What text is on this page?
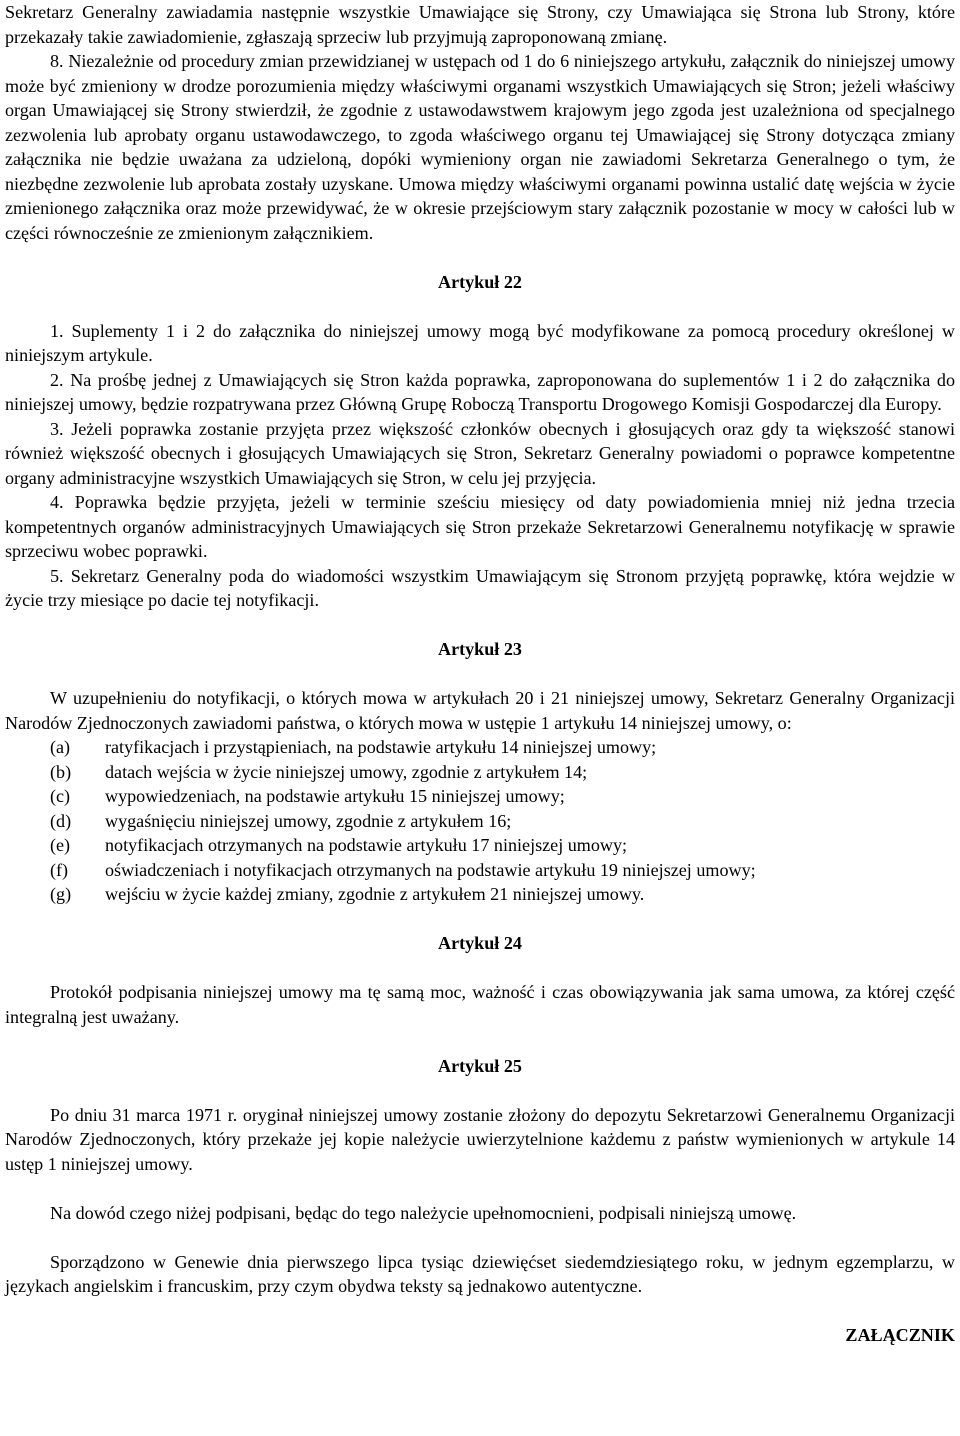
Sekretarz Generalny zawiadamia następnie wszystkie Umawiające się Strony, czy Umawiająca się Strona lub Strony, które przekazały takie zawiadomienie, zgłaszają sprzeciw lub przyjmują zaproponowaną zmianę.

8. Niezależnie od procedury zmian przewidzianej w ustępach od 1 do 6 niniejszego artykułu, załącznik do niniejszej umowy może być zmieniony w drodze porozumienia między właściwymi organami wszystkich Umawiających się Stron; jeżeli właściwy organ Umawiającej się Strony stwierdził, że zgodnie z ustawodawstwem krajowym jego zgoda jest uzależniona od specjalnego zezwolenia lub aprobaty organu ustawodawczego, to zgoda właściwego organu tej Umawiającej się Strony dotycząca zmiany załącznika nie będzie uważana za udzieloną, dopóki wymieniony organ nie zawiadomi Sekretarza Generalnego o tym, że niezbędne zezwolenie lub aprobata zostały uzyskane. Umowa między właściwymi organami powinna ustalić datę wejścia w życie zmienionego załącznika oraz może przewidywać, że w okresie przejściowym stary załącznik pozostanie w mocy w całości lub w części równocześnie ze zmienionym załącznikiem.

Artykuł 22

1. Suplementy 1 i 2 do załącznika do niniejszej umowy mogą być modyfikowane za pomocą procedury określonej w niniejszym artykule.

2. Na prośbę jednej z Umawiających się Stron każda poprawka, zaproponowana do suplementów 1 i 2 do załącznika do niniejszej umowy, będzie rozpatrywana przez Główną Grupę Roboczą Transportu Drogowego Komisji Gospodarczej dla Europy.

3. Jeżeli poprawka zostanie przyjęta przez większość członków obecnych i głosujących oraz gdy ta większość stanowi również większość obecnych i głosujących Umawiających się Stron, Sekretarz Generalny powiadomi o poprawce kompetentne organy administracyjne wszystkich Umawiających się Stron, w celu jej przyjęcia.

4. Poprawka będzie przyjęta, jeżeli w terminie sześciu miesięcy od daty powiadomienia mniej niż jedna trzecia kompetentnych organów administracyjnych Umawiających się Stron przekaże Sekretarzowi Generalnemu notyfikację w sprawie sprzeciwu wobec poprawki.

5. Sekretarz Generalny poda do wiadomości wszystkim Umawiającym się Stronom przyjętą poprawkę, która wejdzie w życie trzy miesiące po dacie tej notyfikacji.

Artykuł 23

W uzupełnieniu do notyfikacji, o których mowa w artykułach 20 i 21 niniejszej umowy, Sekretarz Generalny Organizacji Narodów Zjednoczonych zawiadomi państwa, o których mowa w ustępie 1 artykułu 14 niniejszej umowy, o:

(a)	ratyfikacjach i przystąpieniach, na podstawie artykułu 14 niniejszej umowy;
(b)	datach wejścia w życie niniejszej umowy, zgodnie z artykułem 14;
(c)	wypowiedzeniach, na podstawie artykułu 15 niniejszej umowy;
(d)	wygaśnięciu niniejszej umowy, zgodnie z artykułem 16;
(e)	notyfikacjach otrzymanych na podstawie artykułu 17 niniejszej umowy;
(f)	oświadczeniach i notyfikacjach otrzymanych na podstawie artykułu 19 niniejszej umowy;
(g)	wejściu w życie każdej zmiany, zgodnie z artykułem 21 niniejszej umowy.

Artykuł 24

Protokół podpisania niniejszej umowy ma tę samą moc, ważność i czas obowiązywania jak sama umowa, za której część integralną jest uważany.

Artykuł 25

Po dniu 31 marca 1971 r. oryginał niniejszej umowy zostanie złożony do depozytu Sekretarzowi Generalnemu Organizacji Narodów Zjednoczonych, który przekaże jej kopie należycie uwierzytelnione każdemu z państw wymienionych w artykule 14 ustęp 1 niniejszej umowy.

Na dowód czego niżej podpisani, będąc do tego należycie upełnomocnieni, podpisali niniejszą umowę.

Sporządzono w Genewie dnia pierwszego lipca tysiąc dziewięćset siedemdziesiątego roku, w jednym egzemplarzu, w językach angielskim i francuskim, przy czym obydwa teksty są jednakowo autentyczne.

ZAŁĄCZNIK
